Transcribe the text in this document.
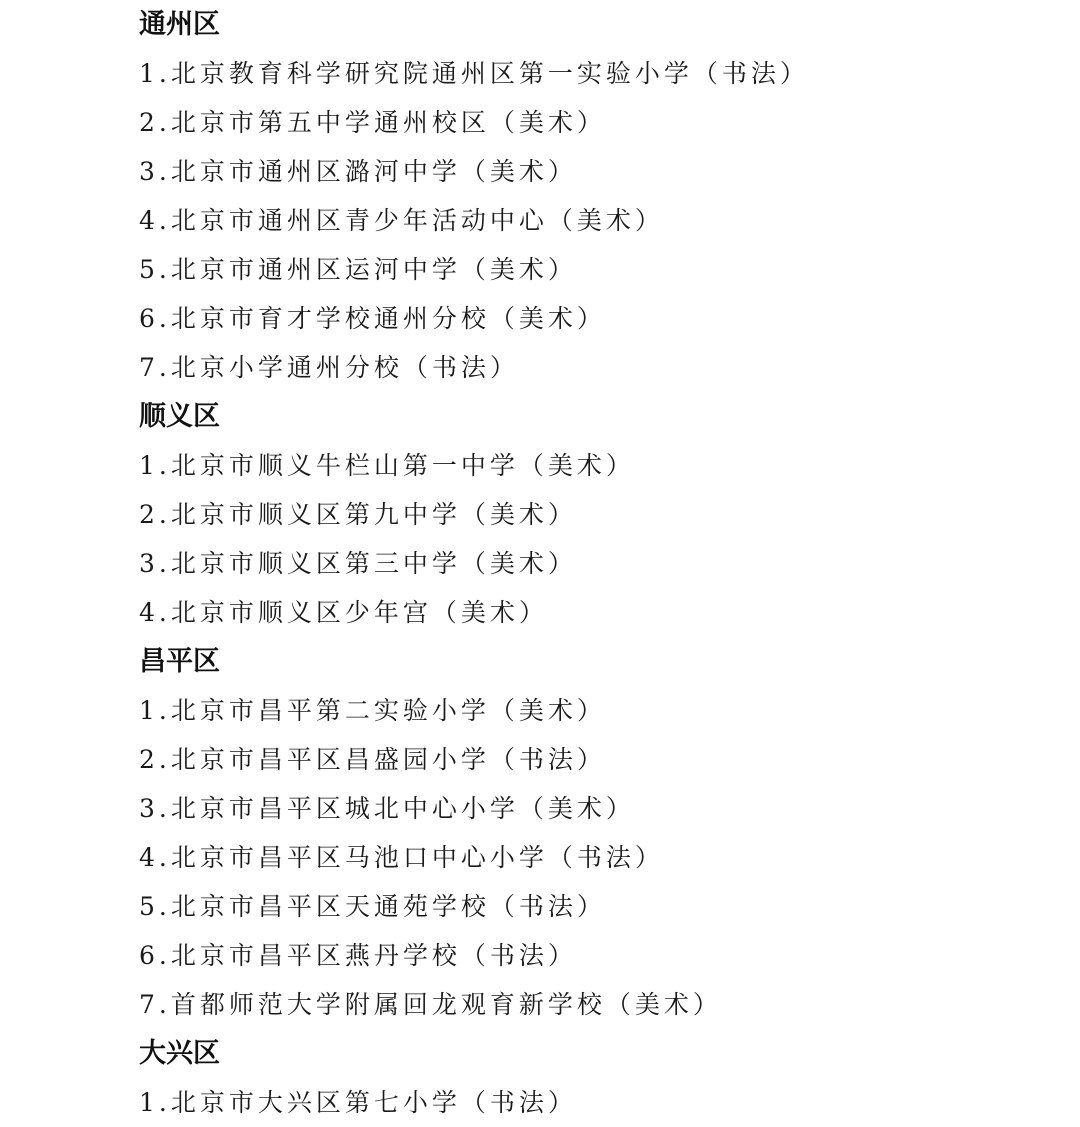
通州区
1.北京教育科学研究院通州区第一实验小学（书法）
2.北京市第五中学通州校区（美术）
3.北京市通州区潞河中学（美术）
4.北京市通州区青少年活动中心（美术）
5.北京市通州区运河中学（美术）
6.北京市育才学校通州分校（美术）
7.北京小学通州分校（书法）
顺义区
1.北京市顺义牛栏山第一中学（美术）
2.北京市顺义区第九中学（美术）
3.北京市顺义区第三中学（美术）
4.北京市顺义区少年宫（美术）
昌平区
1.北京市昌平第二实验小学（美术）
2.北京市昌平区昌盛园小学（书法）
3.北京市昌平区城北中心小学（美术）
4.北京市昌平区马池口中心小学（书法）
5.北京市昌平区天通苑学校（书法）
6.北京市昌平区燕丹学校（书法）
7.首都师范大学附属回龙观育新学校（美术）
大兴区
1.北京市大兴区第七小学（书法）
